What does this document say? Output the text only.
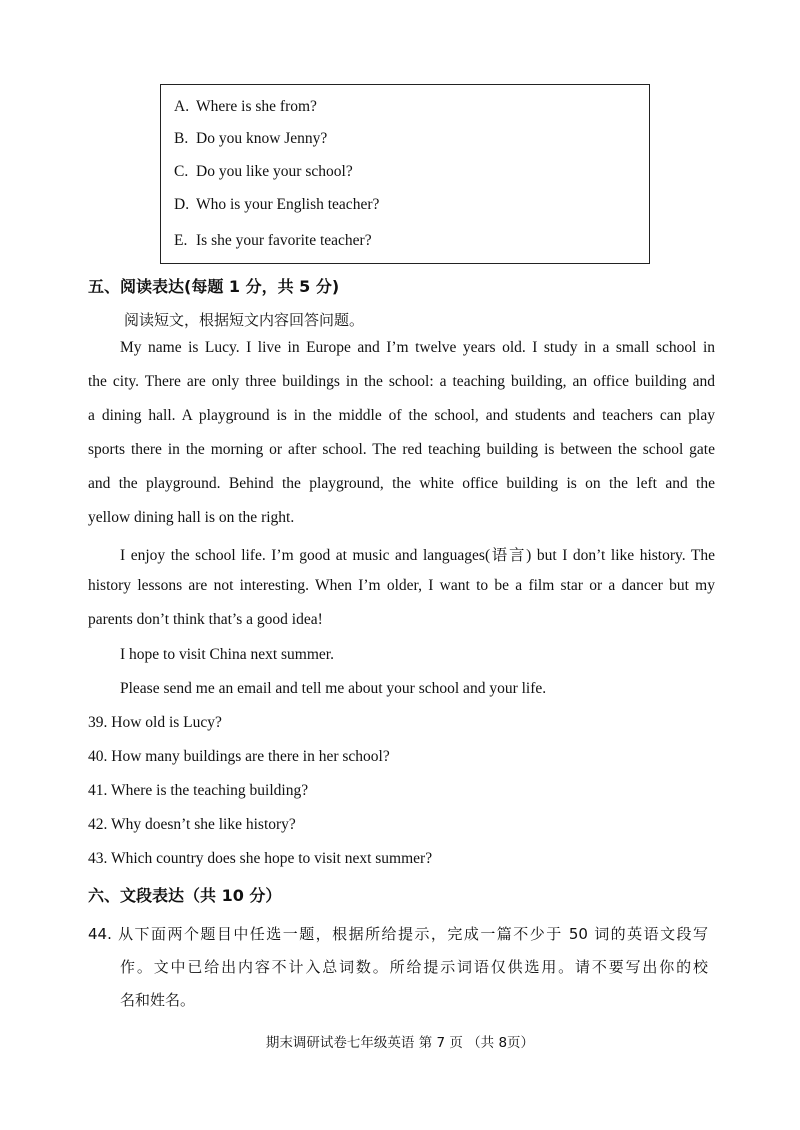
A. Where is she from?
B. Do you know Jenny?
C. Do you like your school?
D. Who is your English teacher?
E. Is she your favorite teacher?
五、阅读表达(每题 1 分，共 5 分)
阅读短文，根据短文内容回答问题。
My name is Lucy. I live in Europe and I’m twelve years old. I study in a small school in
the city. There are only three buildings in the school: a teaching building, an office building and
a dining hall. A playground is in the middle of the school, and students and teachers can play
sports there in the morning or after school. The red teaching building is between the school gate
and the playground. Behind the playground, the white office building is on the left and the
yellow dining hall is on the right.
I enjoy the school life. I’m good at music and languages(语言) but I don’t like history. The
history lessons are not interesting. When I’m older, I want to be a film star or a dancer but my
parents don’t think that’s a good idea!
I hope to visit China next summer.
Please send me an email and tell me about your school and your life.
39. How old is Lucy?
40. How many buildings are there in her school?
41. Where is the teaching building?
42. Why doesn’t she like history?
43. Which country does she hope to visit next summer?
六、文段表达（共 10 分）
44. 从下面两个题目中任选一题，根据所给提示，完成一篇不少于 50 词的英语文段写
作。文中已给出内容不计入总词数。所给提示词语仅供选用。请不要写出你的校
名和姓名。
期末调研试卷七年级英语 第 7 页 （共 8页）
